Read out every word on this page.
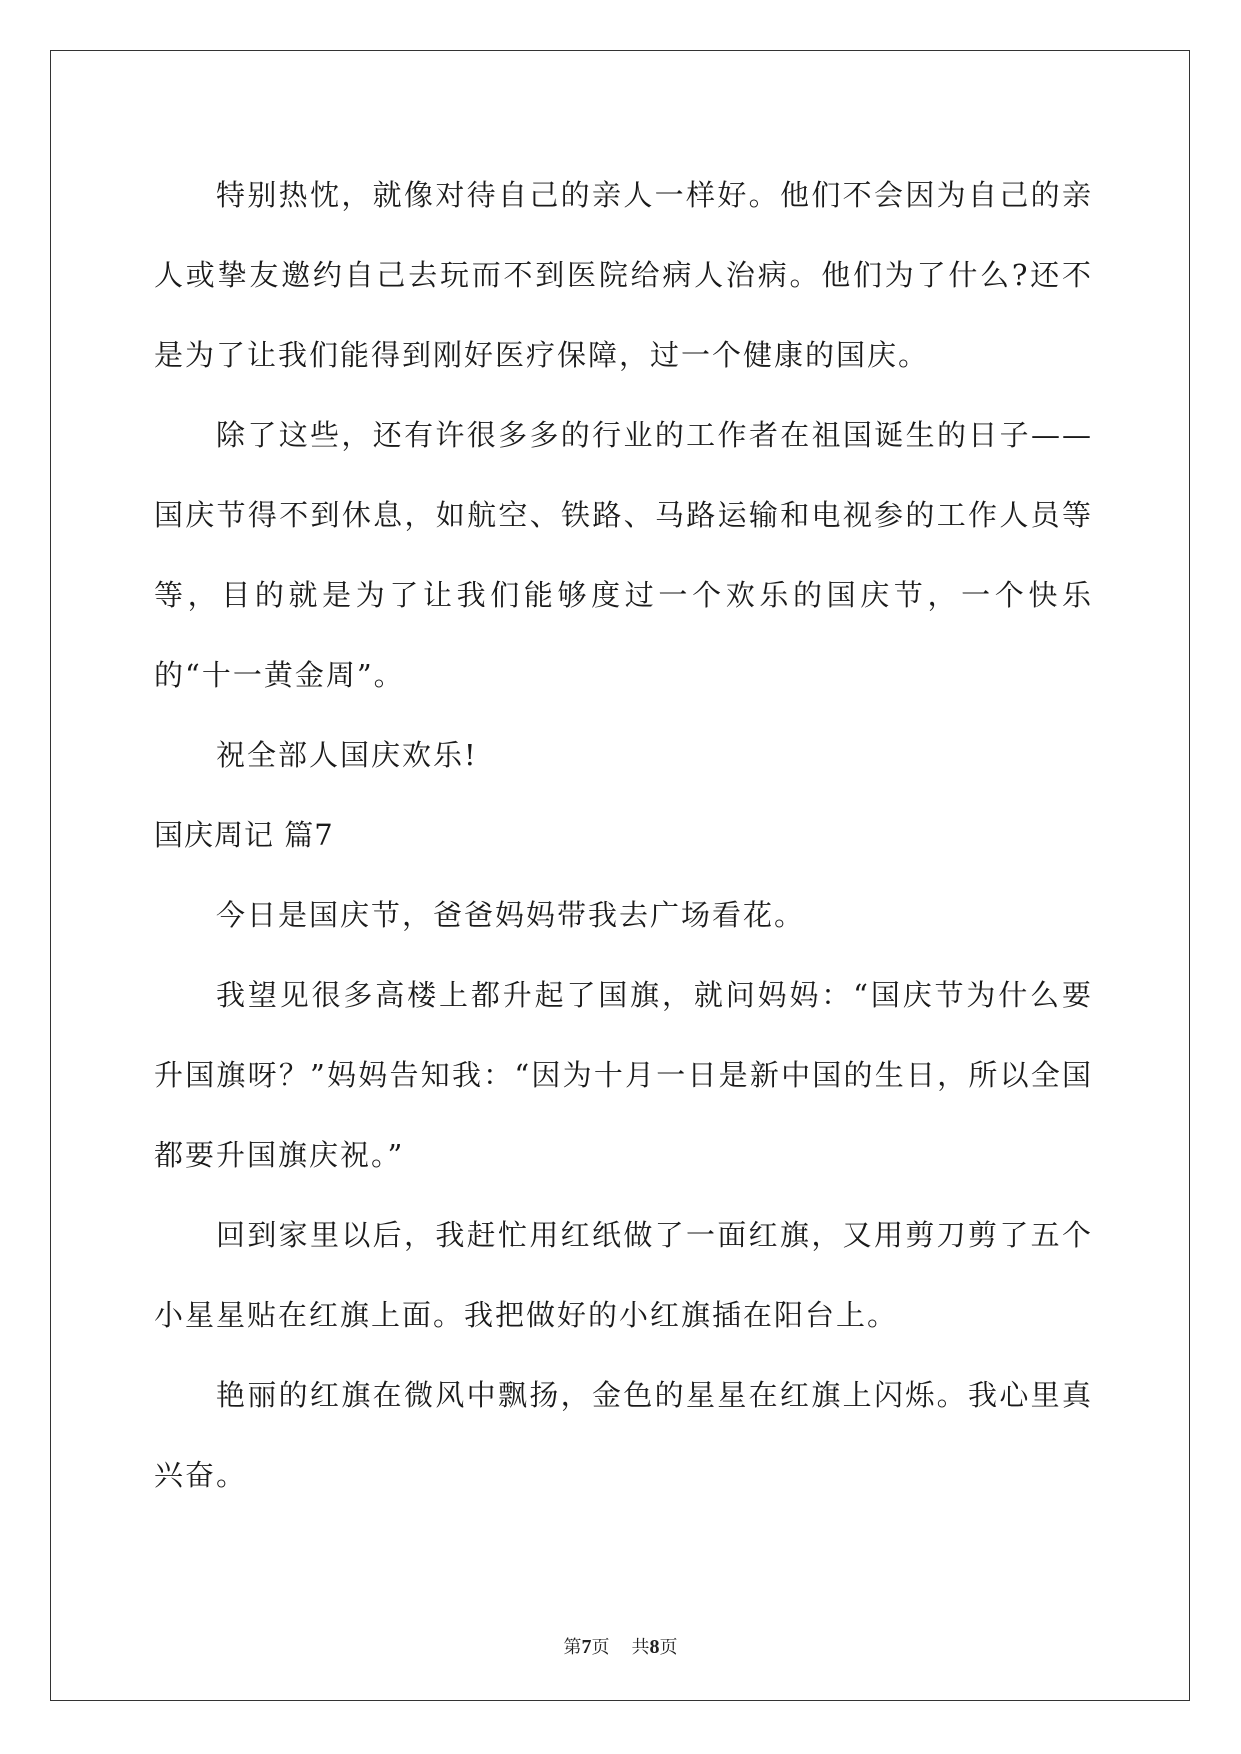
特别热忱，就像对待自己的亲人一样好。他们不会因为自己的亲人或挚友邀约自己去玩而不到医院给病人治病。他们为了什么?还不是为了让我们能得到刚好医疗保障，过一个健康的国庆。

除了这些，还有许很多多的行业的工作者在祖国诞生的日子——国庆节得不到休息，如航空、铁路、马路运输和电视参的工作人员等等，目的就是为了让我们能够度过一个欢乐的国庆节，一个快乐的“十一黄金周”。

祝全部人国庆欢乐!

国庆周记 篇7

今日是国庆节，爸爸妈妈带我去广场看花。

我望见很多高楼上都升起了国旗，就问妈妈：“国庆节为什么要升国旗呀？”妈妈告知我：“因为十月一日是新中国的生日，所以全国都要升国旗庆祝。”

回到家里以后，我赶忙用红纸做了一面红旗，又用剪刀剪了五个小星星贴在红旗上面。我把做好的小红旗插在阳台上。

艳丽的红旗在微风中飘扬，金色的星星在红旗上闪烁。我心里真兴奋。

第7页 共8页
